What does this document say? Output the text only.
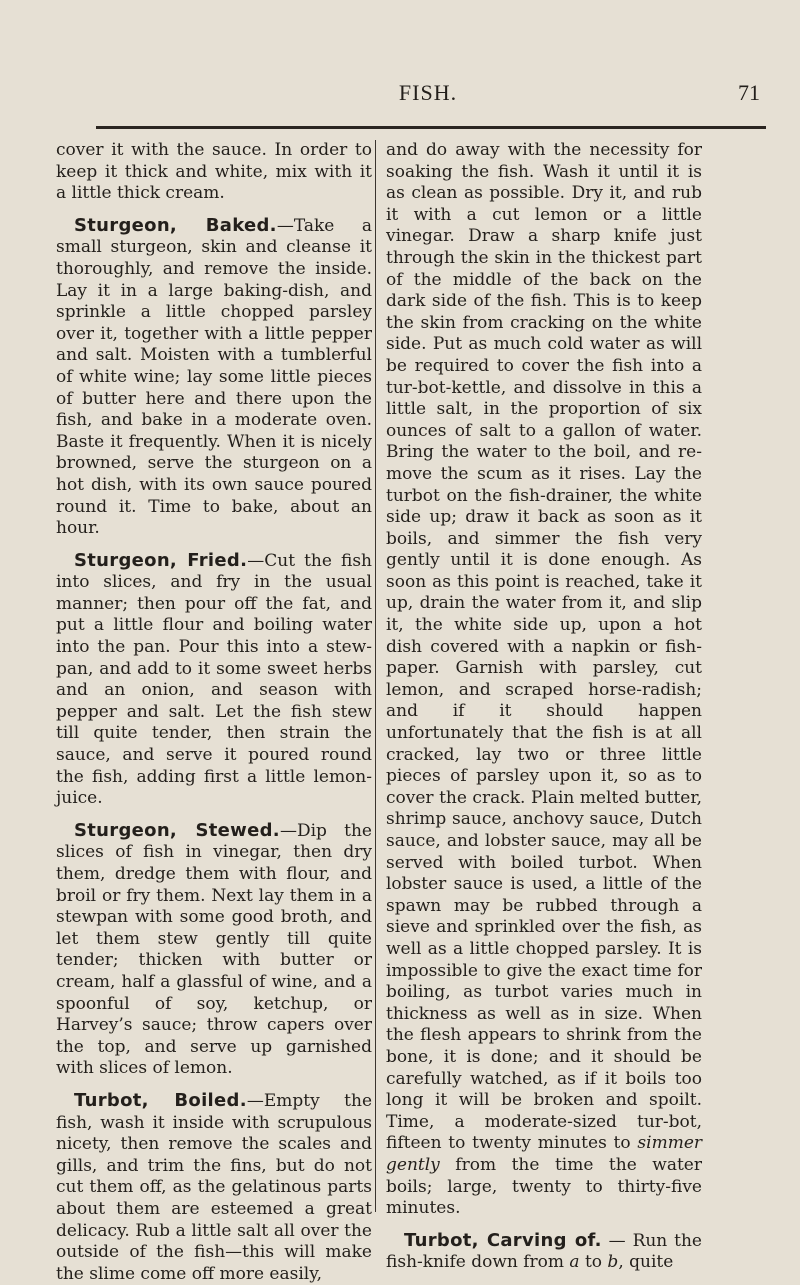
FISH.	71

cover it with the sauce. In order to keep it thick and white, mix with it a little thick cream.

Sturgeon, Baked.—Take a small sturgeon, skin and cleanse it thoroughly, and remove the inside. Lay it in a large baking-dish, and sprinkle a little chopped parsley over it, together with a little pepper and salt. Moisten with a tumblerful of white wine; lay some little pieces of butter here and there upon the fish, and bake in a moderate oven. Baste it frequently. When it is nicely browned, serve the sturgeon on a hot dish, with its own sauce poured round it. Time to bake, about an hour.

Sturgeon, Fried.—Cut the fish into slices, and fry in the usual manner; then pour off the fat, and put a little flour and boiling water into the pan. Pour this into a stew-pan, and add to it some sweet herbs and an onion, and season with pepper and salt. Let the fish stew till quite tender, then strain the sauce, and serve it poured round the fish, adding first a little lemon-juice.

Sturgeon, Stewed.—Dip the slices of fish in vinegar, then dry them, dredge them with flour, and broil or fry them. Next lay them in a stewpan with some good broth, and let them stew gently till quite tender; thicken with butter or cream, half a glassful of wine, and a spoonful of soy, ketchup, or Harvey’s sauce; throw capers over the top, and serve up garnished with slices of lemon.

Turbot, Boiled.—Empty the fish, wash it inside with scrupulous nicety, then remove the scales and gills, and trim the fins, but do not cut them off, as the gelatinous parts about them are esteemed a great delicacy. Rub a little salt all over the outside of the fish—this will make the slime come off more easily,

and do away with the necessity for soaking the fish. Wash it until it is as clean as possible. Dry it, and rub it with a cut lemon or a little vinegar. Draw a sharp knife just through the skin in the thickest part of the middle of the back on the dark side of the fish. This is to keep the skin from cracking on the white side. Put as much cold water as will be required to cover the fish into a tur-bot-kettle, and dissolve in this a little salt, in the proportion of six ounces of salt to a gallon of water. Bring the water to the boil, and re-move the scum as it rises. Lay the turbot on the fish-drainer, the white side up; draw it back as soon as it boils, and simmer the fish very gently until it is done enough. As soon as this point is reached, take it up, drain the water from it, and slip it, the white side up, upon a hot dish covered with a napkin or fish-paper. Garnish with parsley, cut lemon, and scraped horse-radish; and if it should happen unfortunately that the fish is at all cracked, lay two or three little pieces of parsley upon it, so as to cover the crack. Plain melted butter, shrimp sauce, anchovy sauce, Dutch sauce, and lobster sauce, may all be served with boiled turbot. When lobster sauce is used, a little of the spawn may be rubbed through a sieve and sprinkled over the fish, as well as a little chopped parsley. It is impossible to give the exact time for boiling, as turbot varies much in thickness as well as in size. When the flesh appears to shrink from the bone, it is done; and it should be carefully watched, as if it boils too long it will be broken and spoilt. Time, a moderate-sized tur-bot, fifteen to twenty minutes to simmer gently from the time the water boils; large, twenty to thirty-five minutes.

Turbot, Carving of. — Run the fish-knife down from a to b, quite
